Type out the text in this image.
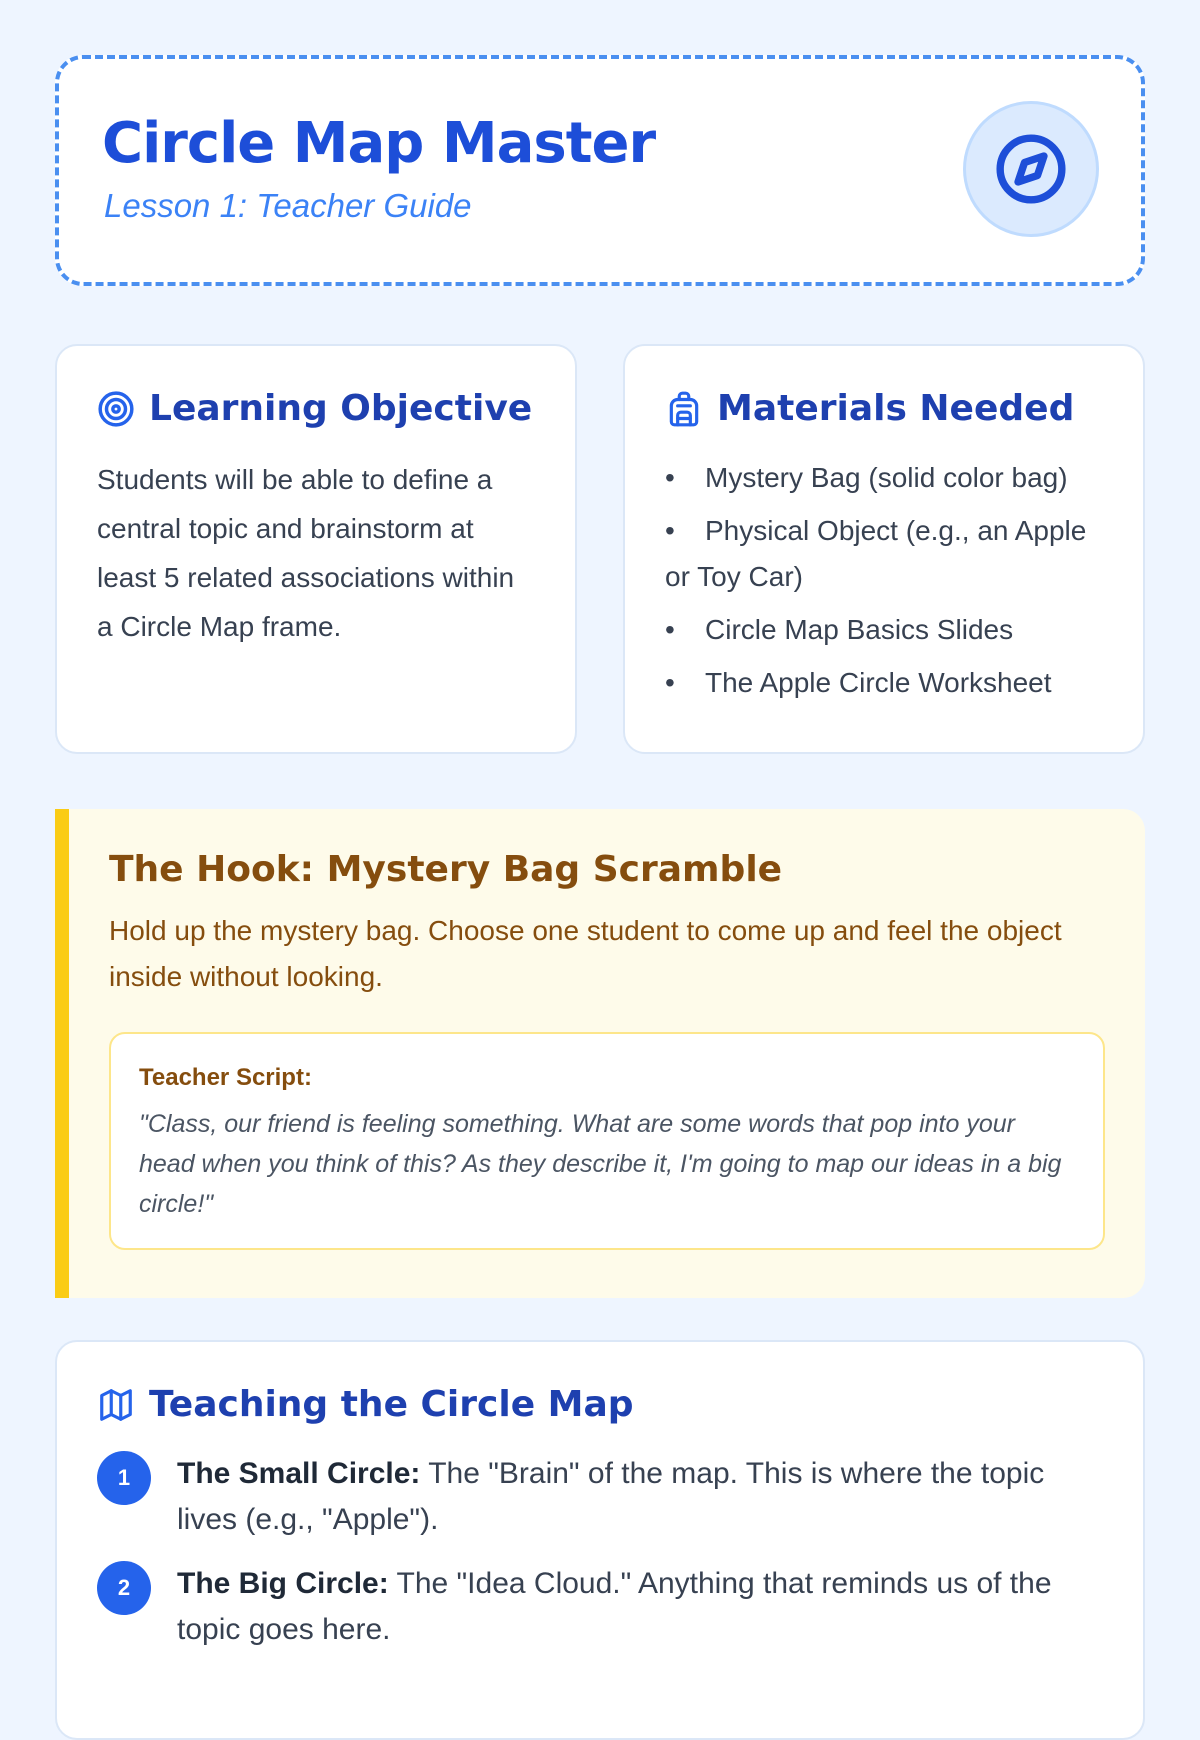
Circle Map Master
Lesson 1: Teacher Guide
Learning Objective

Students will be able to define a central topic and brainstorm at least 5 related associations within a Circle Map frame.

Materials Needed
• Mystery Bag (solid color bag)
• Physical Object (e.g., an Apple or Toy Car)
• Circle Map Basics Slides
• The Apple Circle Worksheet
The Hook: Mystery Bag Scramble

Hold up the mystery bag. Choose one student to come up and feel the object inside without looking.

Teacher Script:
"Class, our friend is feeling something. What are some words that pop into your head when you think of this? As they describe it, I'm going to map our ideas in a big circle!"
Teaching the Circle Map
1	The Small Circle: The "Brain" of the map. This is where the topic lives (e.g., "Apple").
2	The Big Circle: The "Idea Cloud." Anything that reminds us of the topic goes here.
